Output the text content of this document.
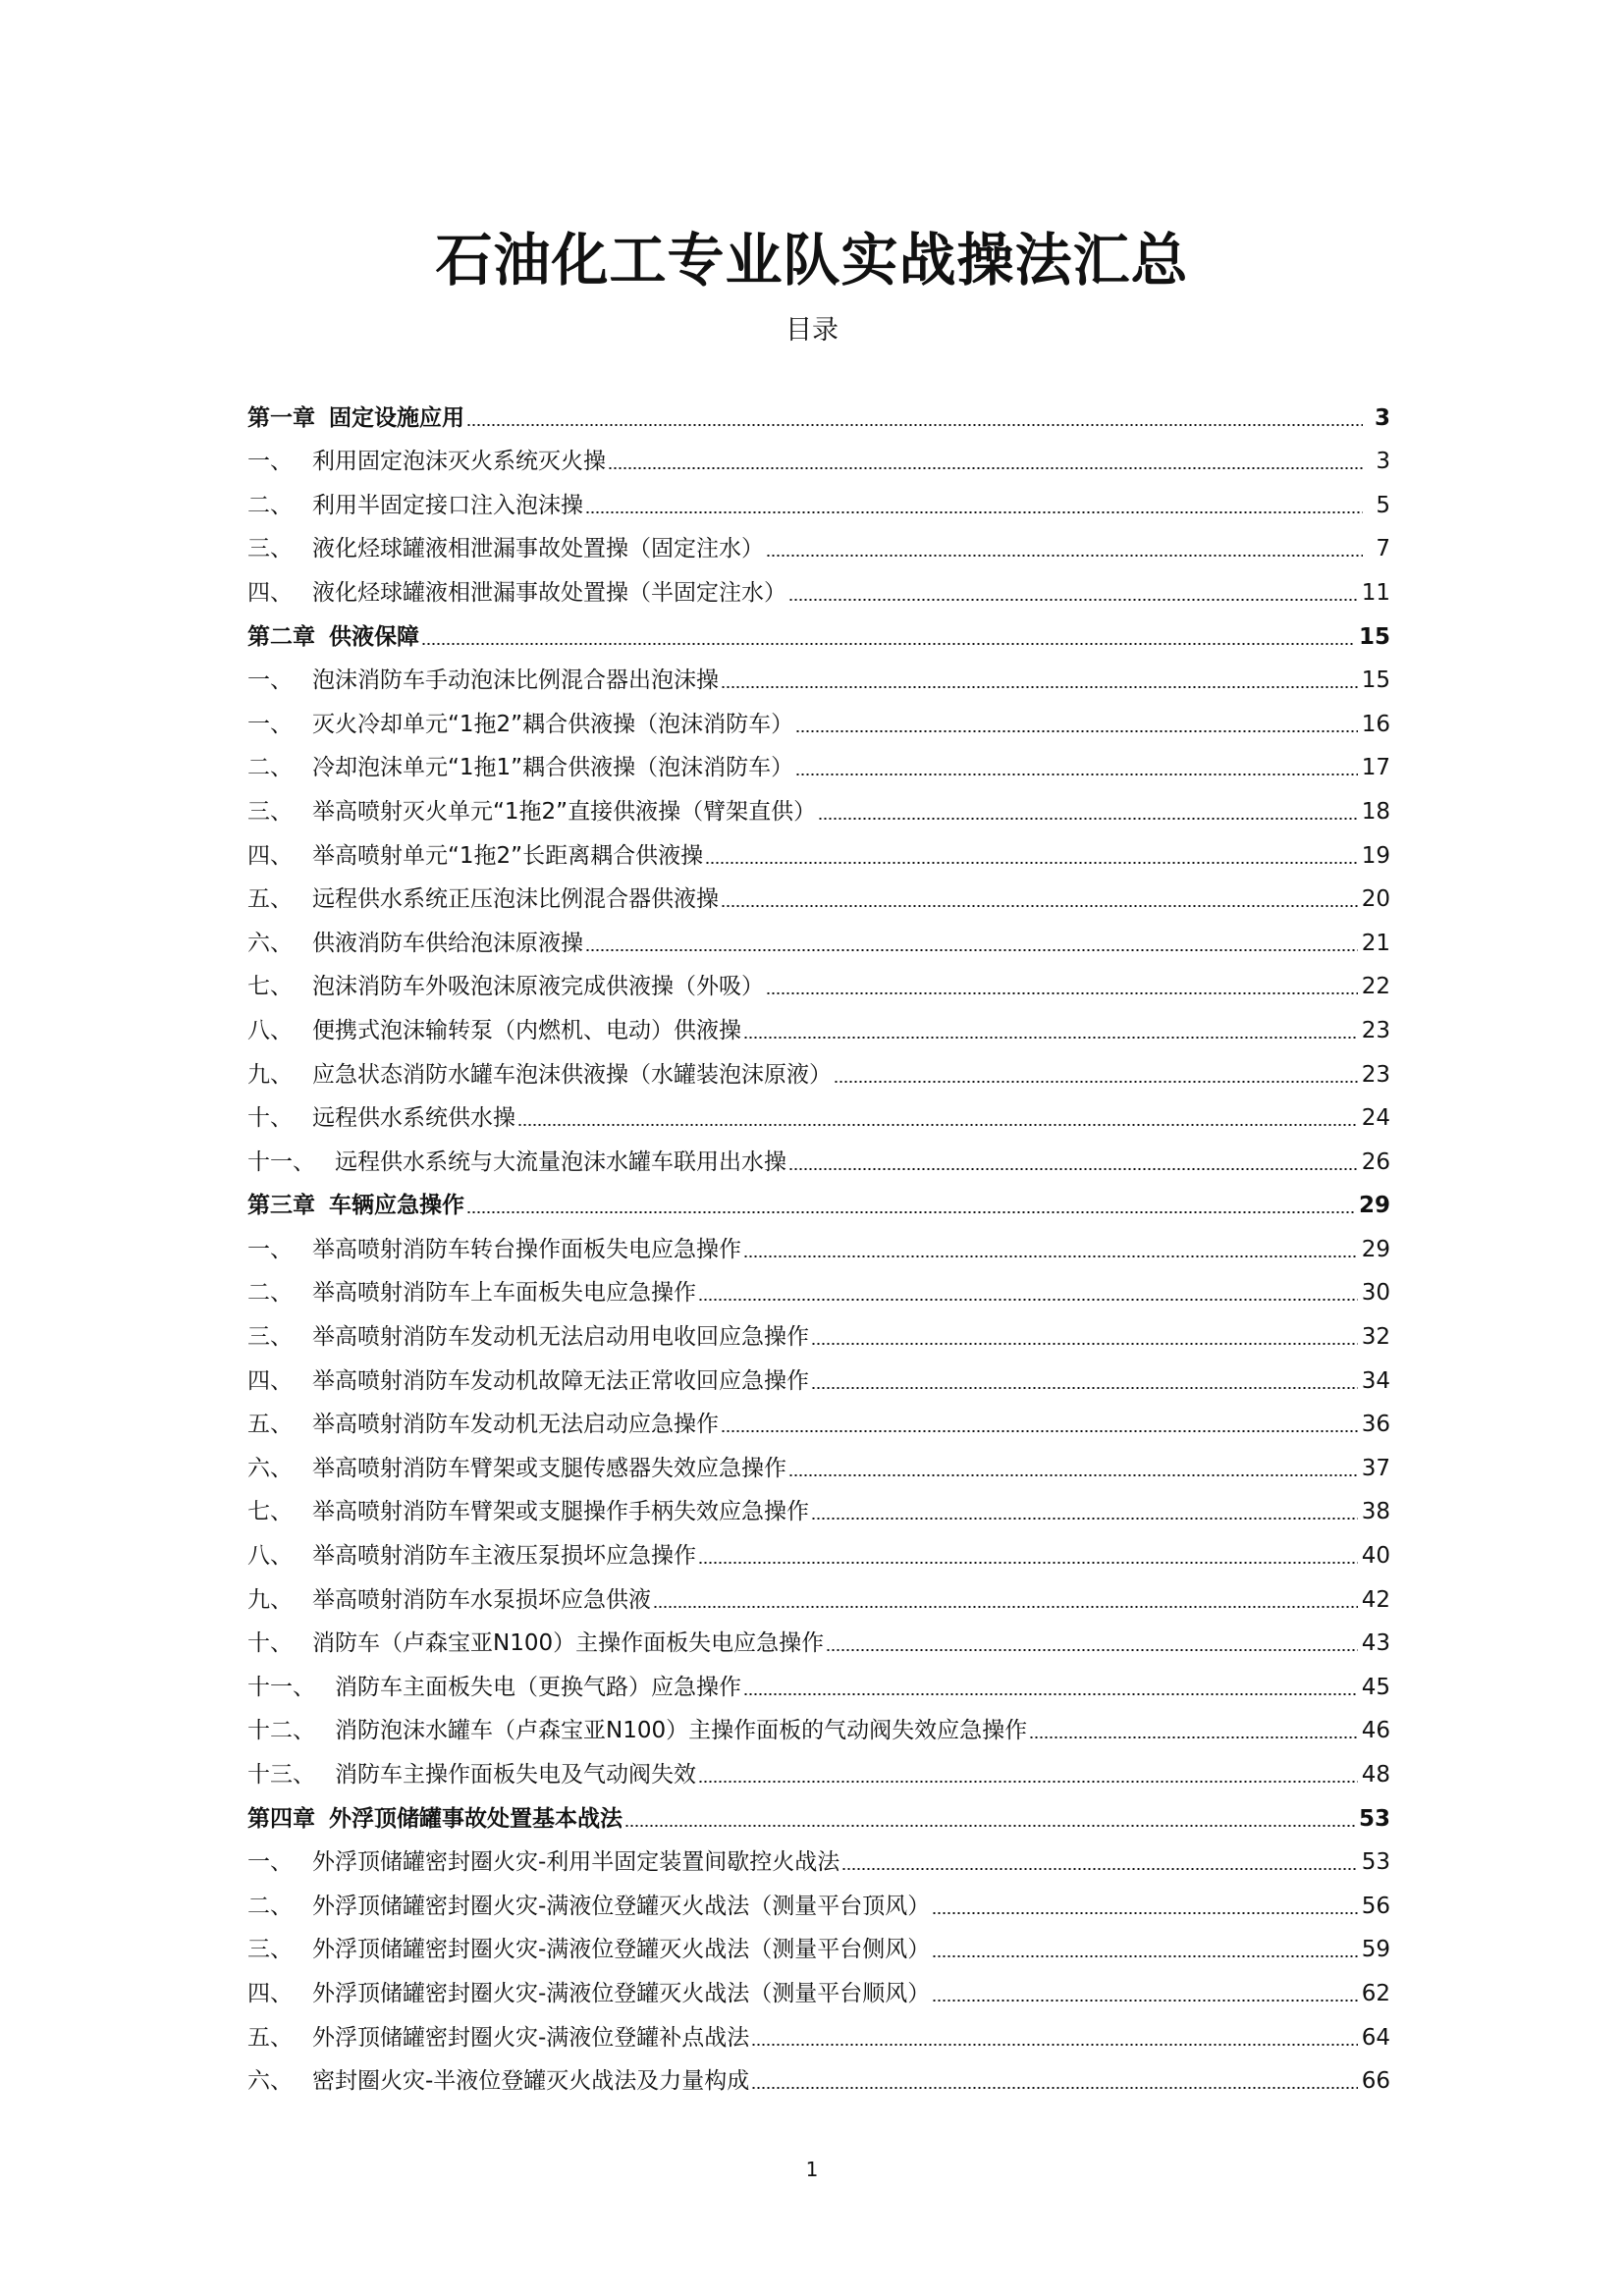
石油化工专业队实战操法汇总
目录
第一章 固定设施应用	3
一、 利用固定泡沫灭火系统灭火操	3
二、 利用半固定接口注入泡沫操	5
三、 液化烃球罐液相泄漏事故处置操（固定注水）	7
四、 液化烃球罐液相泄漏事故处置操（半固定注水）	11
第二章 供液保障	15
一、 泡沫消防车手动泡沫比例混合器出泡沫操	15
一、 灭火冷却单元“1拖2”耦合供液操（泡沫消防车）	16
二、 冷却泡沫单元“1拖1”耦合供液操（泡沫消防车）	17
三、 举高喷射灭火单元“1拖2”直接供液操（臂架直供）	18
四、 举高喷射单元“1拖2”长距离耦合供液操	19
五、 远程供水系统正压泡沫比例混合器供液操	20
六、 供液消防车供给泡沫原液操	21
七、 泡沫消防车外吸泡沫原液完成供液操（外吸）	22
八、 便携式泡沫输转泵（内燃机、电动）供液操	23
九、 应急状态消防水罐车泡沫供液操（水罐装泡沫原液）	23
十、 远程供水系统供水操	24
十一、 远程供水系统与大流量泡沫水罐车联用出水操	26
第三章 车辆应急操作	29
一、 举高喷射消防车转台操作面板失电应急操作	29
二、 举高喷射消防车上车面板失电应急操作	30
三、 举高喷射消防车发动机无法启动用电收回应急操作	32
四、 举高喷射消防车发动机故障无法正常收回应急操作	34
五、 举高喷射消防车发动机无法启动应急操作	36
六、 举高喷射消防车臂架或支腿传感器失效应急操作	37
七、 举高喷射消防车臂架或支腿操作手柄失效应急操作	38
八、 举高喷射消防车主液压泵损坏应急操作	40
九、 举高喷射消防车水泵损坏应急供液	42
十、 消防车（卢森宝亚N100）主操作面板失电应急操作	43
十一、 消防车主面板失电（更换气路）应急操作	45
十二、 消防泡沫水罐车（卢森宝亚N100）主操作面板的气动阀失效应急操作	46
十三、 消防车主操作面板失电及气动阀失效	48
第四章 外浮顶储罐事故处置基本战法	53
一、 外浮顶储罐密封圈火灾-利用半固定装置间歇控火战法	53
二、 外浮顶储罐密封圈火灾-满液位登罐灭火战法（测量平台顶风）	56
三、 外浮顶储罐密封圈火灾-满液位登罐灭火战法（测量平台侧风）	59
四、 外浮顶储罐密封圈火灾-满液位登罐灭火战法（测量平台顺风）	62
五、 外浮顶储罐密封圈火灾-满液位登罐补点战法	64
六、 密封圈火灾-半液位登罐灭火战法及力量构成	66
1
